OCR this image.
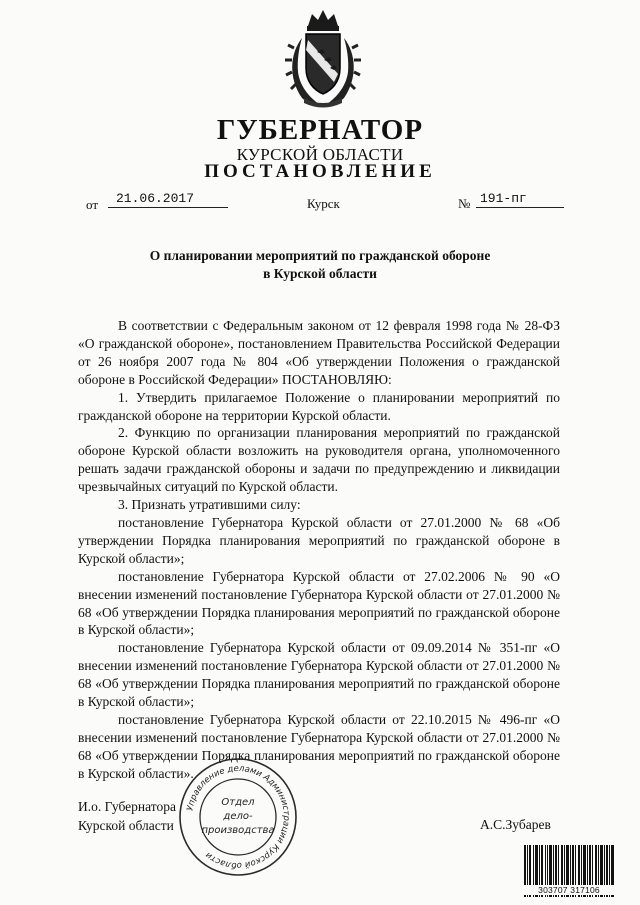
ГУБЕРНАТОР
КУРСКОЙ ОБЛАСТИ
ПОСТАНОВЛЕНИЕ
от	21.06.2017	Курск	№ 191-пг
О планировании мероприятий по гражданской обороне
в Курской области

В соответствии с Федеральным законом от 12 февраля 1998 года № 28-ФЗ «О гражданской обороне», постановлением Правительства Российской Федерации от 26 ноября 2007 года № 804 «Об утверждении Положения о гражданской обороне в Российской Федерации» ПОСТАНОВЛЯЮ:

1. Утвердить прилагаемое Положение о планировании мероприятий по гражданской обороне на территории Курской области.

2. Функцию по организации планирования мероприятий по гражданской обороне Курской области возложить на руководителя органа, уполномоченного решать задачи гражданской обороны и задачи по предупреждению и ликвидации чрезвычайных ситуаций по Курской области.

3. Признать утратившими силу:

постановление Губернатора Курской области от 27.01.2000 № 68 «Об утверждении Порядка планирования мероприятий по гражданской обороне в Курской области»;

постановление Губернатора Курской области от 27.02.2006 № 90 «О внесении изменений постановление Губернатора Курской области от 27.01.2000 № 68 «Об утверждении Порядка планирования мероприятий по гражданской обороне в Курской области»;

постановление Губернатора Курской области от 09.09.2014 № 351-пг «О внесении изменений постановление Губернатора Курской области от 27.01.2000 № 68 «Об утверждении Порядка планирования мероприятий по гражданской обороне в Курской области»;

постановление Губернатора Курской области от 22.10.2015 № 496-пг «О внесении изменений постановление Губернатора Курской области от 27.01.2000 № 68 «Об утверждении Порядка планирования мероприятий по гражданской обороне в Курской области».

И.о. Губернатора
Курской области	А.С.Зубарев
Управление делами Администрации Курской области
Отдел
дело-
производства
303707 317106
